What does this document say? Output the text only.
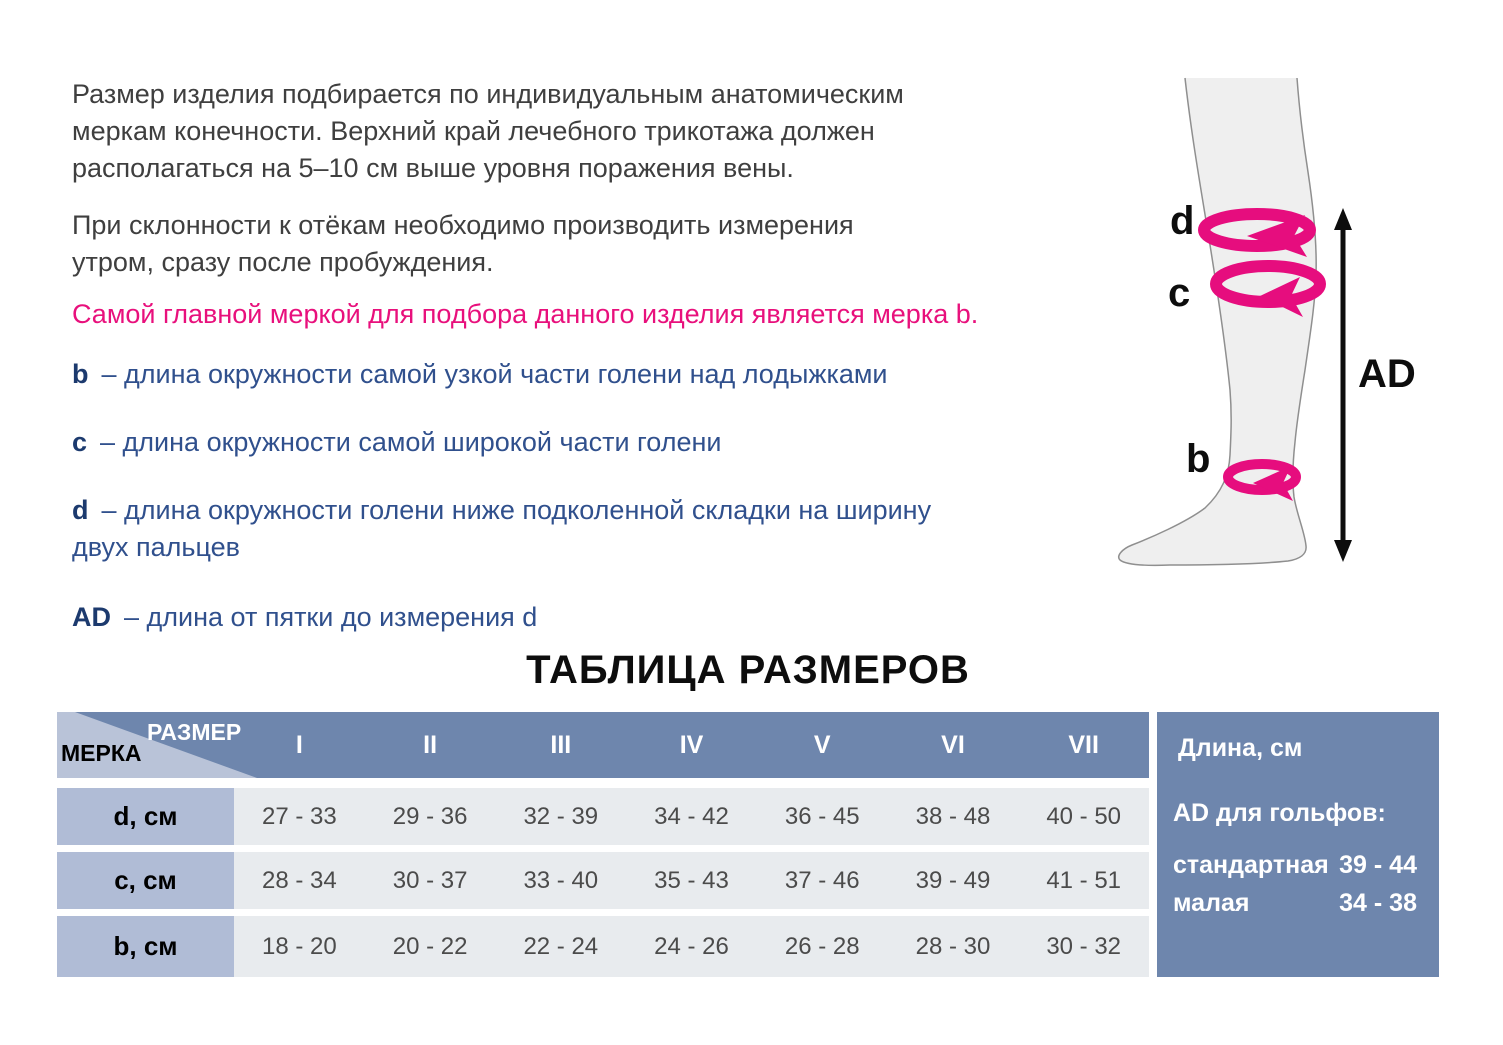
Размер изделия подбирается по индивидуальным анатомическим
меркам конечности. Верхний край лечебного трикотажа должен
располагаться на 5–10 см выше уровня поражения вены.
При склонности к отёкам необходимо производить измерения
утром, сразу после пробуждения.
Самой главной меркой для подбора данного изделия является мерка b.
b – длина окружности самой узкой части голени над лодыжками
c – длина окружности самой широкой части голени
d – длина окружности голени ниже подколенной складки на ширину
двух пальцев
AD – длина от пятки до измерения d
d
c
b
AD
ТАБЛИЦА РАЗМЕРОВ
I	II	III	IV	V	VI	VII
РАЗМЕР
МЕРКА
d, см	27 - 33	29 - 36	32 - 39	34 - 42	36 - 45	38 - 48	40 - 50
c, см	28 - 34	30 - 37	33 - 40	35 - 43	37 - 46	39 - 49	41 - 51
b, см	18 - 20	20 - 22	22 - 24	24 - 26	26 - 28	28 - 30	30 - 32
Длина, см
AD для гольфов:
стандартная 39 - 44
малая	34 - 38
